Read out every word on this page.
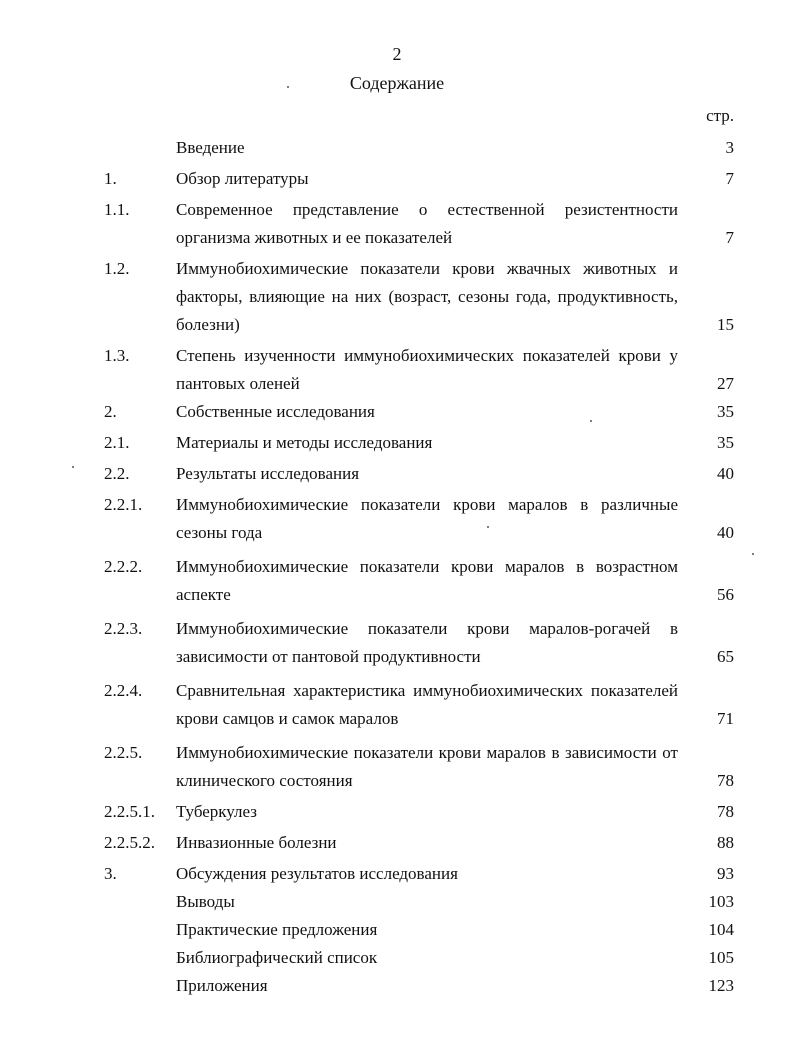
2
Содержание
стр.
Введение	3
1.	Обзор литературы	7
1.1.	Современное представление о естественной резистентности организма животных и ее показателей	7
1.2.	Иммунобиохимические показатели крови жвачных животных и факторы, влияющие на них (возраст, сезоны года, продуктивность, болезни)	15
1.3.	Степень изученности иммунобиохимических показателей крови у пантовых оленей	27
2.	Собственные исследования	35
2.1.	Материалы и методы исследования	35
2.2.	Результаты исследования	40
2.2.1.	Иммунобиохимические показатели крови маралов в различные сезоны года	40
2.2.2.	Иммунобиохимические показатели крови маралов в возрастном аспекте	56
2.2.3.	Иммунобиохимические показатели крови маралов-рогачей в зависимости от пантовой продуктивности	65
2.2.4.	Сравнительная характеристика иммунобиохимических показателей крови самцов и самок маралов	71
2.2.5.	Иммунобиохимические показатели крови маралов в зависимости от клинического состояния	78
2.2.5.1.	Туберкулез	78
2.2.5.2.	Инвазионные болезни	88
3.	Обсуждения результатов исследования	93
Выводы	103
Практические предложения	104
Библиографический список	105
Приложения	123
